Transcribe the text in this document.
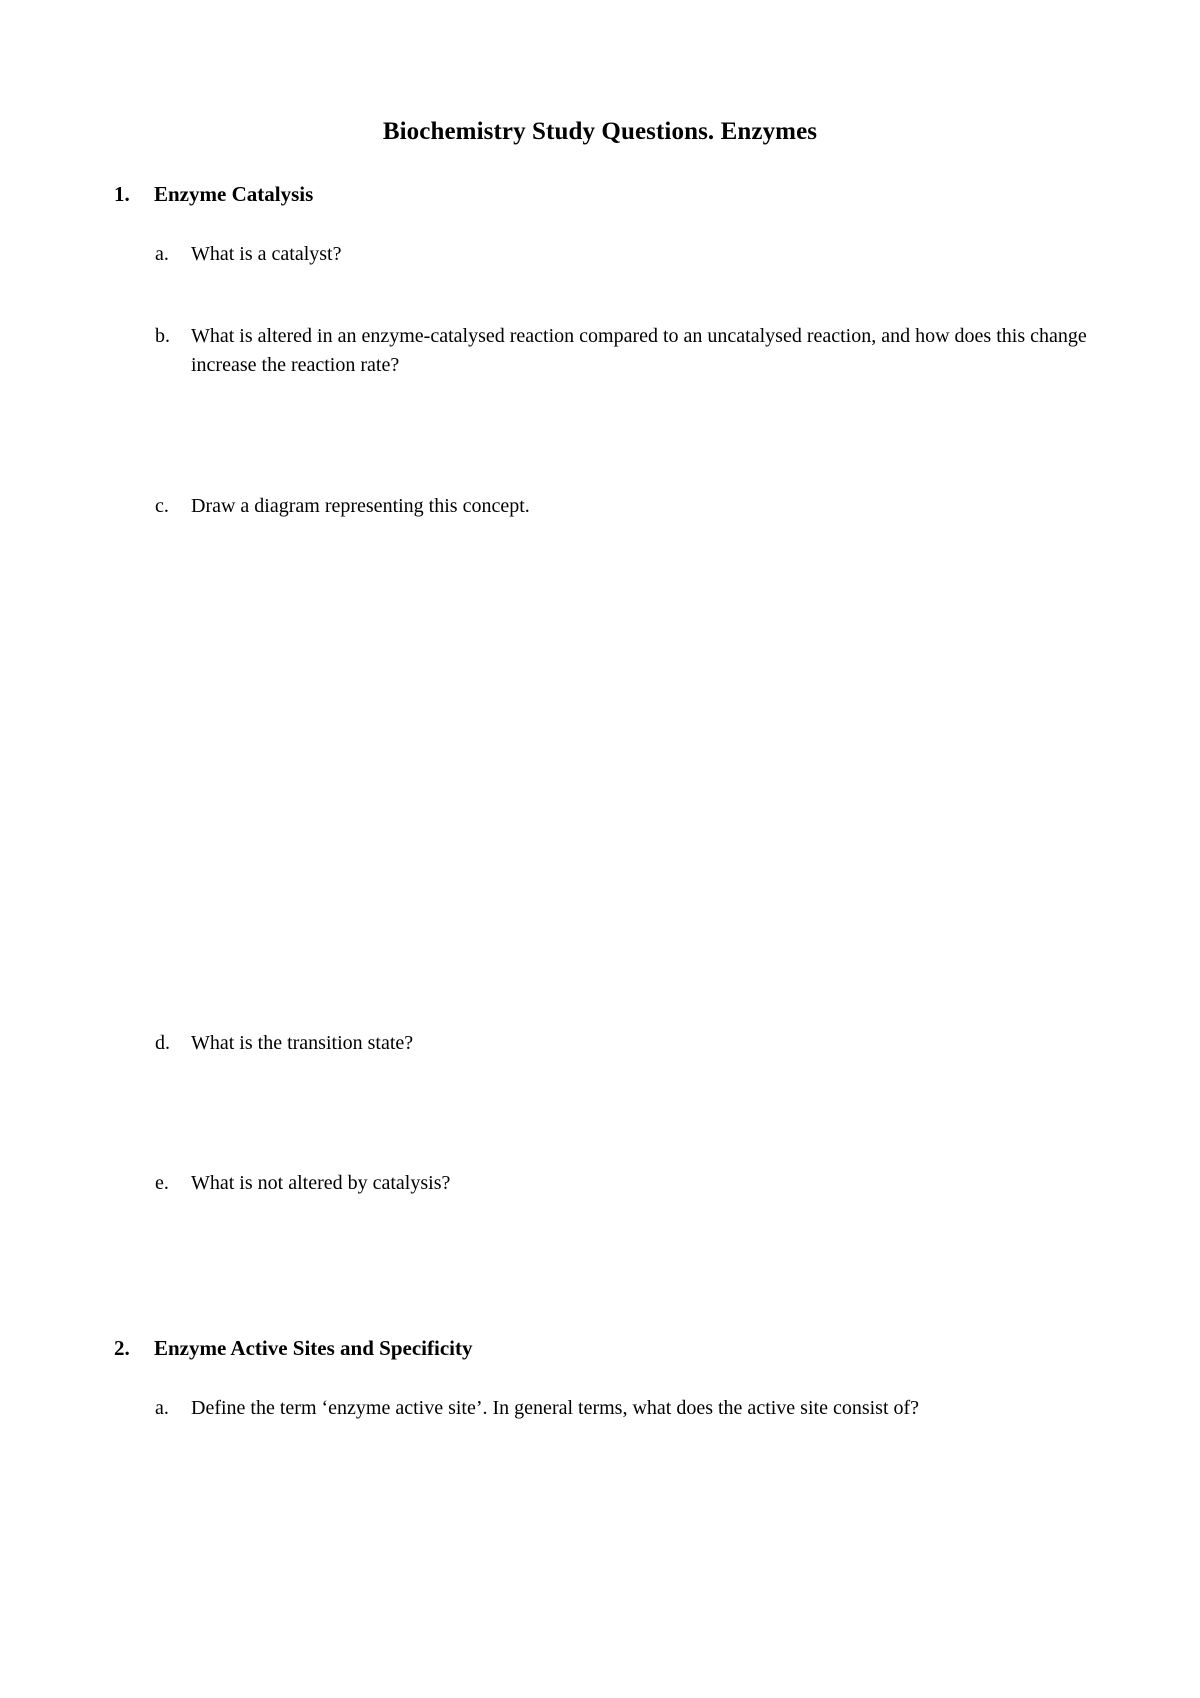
Biochemistry Study Questions. Enzymes
1. Enzyme Catalysis
a.	What is a catalyst?
b.	What is altered in an enzyme-catalysed reaction compared to an uncatalysed reaction, and how does this change increase the reaction rate?
c.	Draw a diagram representing this concept.
d.	What is the transition state?
e.	What is not altered by catalysis?
2. Enzyme Active Sites and Specificity
a.	Define the term ‘enzyme active site’. In general terms, what does the active site consist of?
